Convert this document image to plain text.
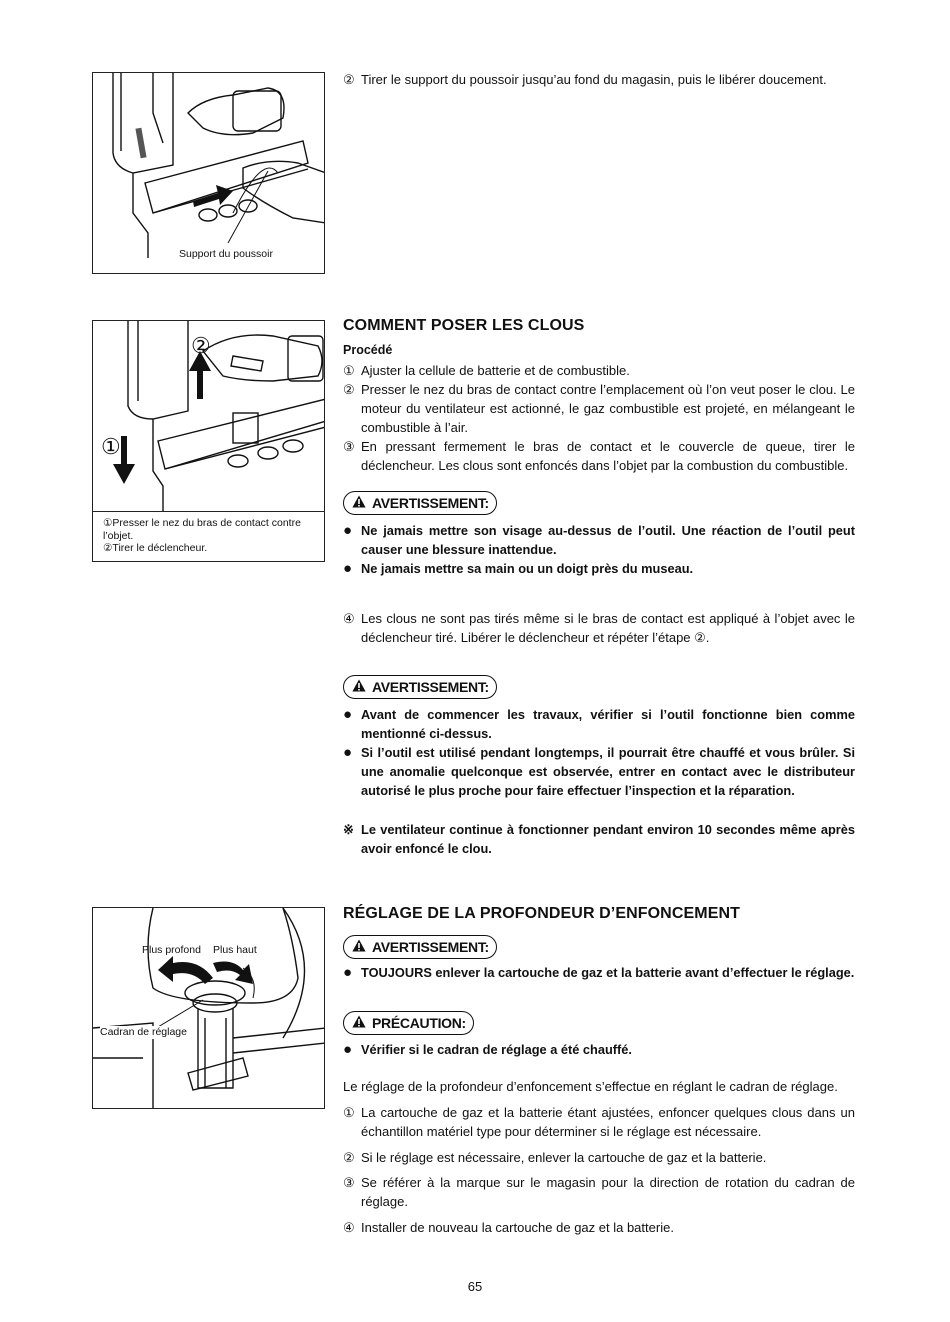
Support du poussoir
② Tirer le support du poussoir jusqu’au fond du magasin, puis le libérer doucement.
①
②
①Presser le nez du bras de contact contre l’objet.
②Tirer le déclencheur.
COMMENT POSER LES CLOUS
Procédé
① Ajuster la cellule de batterie et de combustible.
② Presser le nez du bras de contact contre l’emplacement où l’on veut poser le clou. Le moteur du ventilateur est actionné, le gaz combustible est projeté, en mélangeant le combustible à l’air.
③ En pressant fermement le bras de contact et le couvercle de queue, tirer le déclencheur. Les clous sont enfoncés dans l’objet par la combustion du combustible.
AVERTISSEMENT:
● Ne jamais mettre son visage au-dessus de l’outil. Une réaction de l’outil peut causer une blessure inattendue.
● Ne jamais mettre sa main ou un doigt près du museau.
④ Les clous ne sont pas tirés même si le bras de contact est appliqué à l’objet avec le déclencheur tiré. Libérer le déclencheur et répéter l’étape ②.
AVERTISSEMENT:
● Avant de commencer les travaux, vérifier si l’outil fonctionne bien comme mentionné ci-dessus.
● Si l’outil est utilisé pendant longtemps, il pourrait être chauffé et vous brûler. Si une anomalie quelconque est observée, entrer en contact avec le distributeur autorisé le plus proche pour faire effectuer l’inspection et la réparation.
※ Le ventilateur continue à fonctionner pendant environ 10 secondes même après avoir enfoncé le clou.
Plus profond Plus haut
Cadran de réglage
RÉGLAGE DE LA PROFONDEUR D’ENFONCEMENT
AVERTISSEMENT:
● TOUJOURS enlever la cartouche de gaz et la batterie avant d’effectuer le réglage.
PRÉCAUTION:
● Vérifier si le cadran de réglage a été chauffé.
Le réglage de la profondeur d’enfoncement s’effectue en réglant le cadran de réglage.
① La cartouche de gaz et la batterie étant ajustées, enfoncer quelques clous dans un échantillon matériel type pour déterminer si le réglage est nécessaire.
② Si le réglage est nécessaire, enlever la cartouche de gaz et la batterie.
③ Se référer à la marque sur le magasin pour la direction de rotation du cadran de réglage.
④ Installer de nouveau la cartouche de gaz et la batterie.
65
